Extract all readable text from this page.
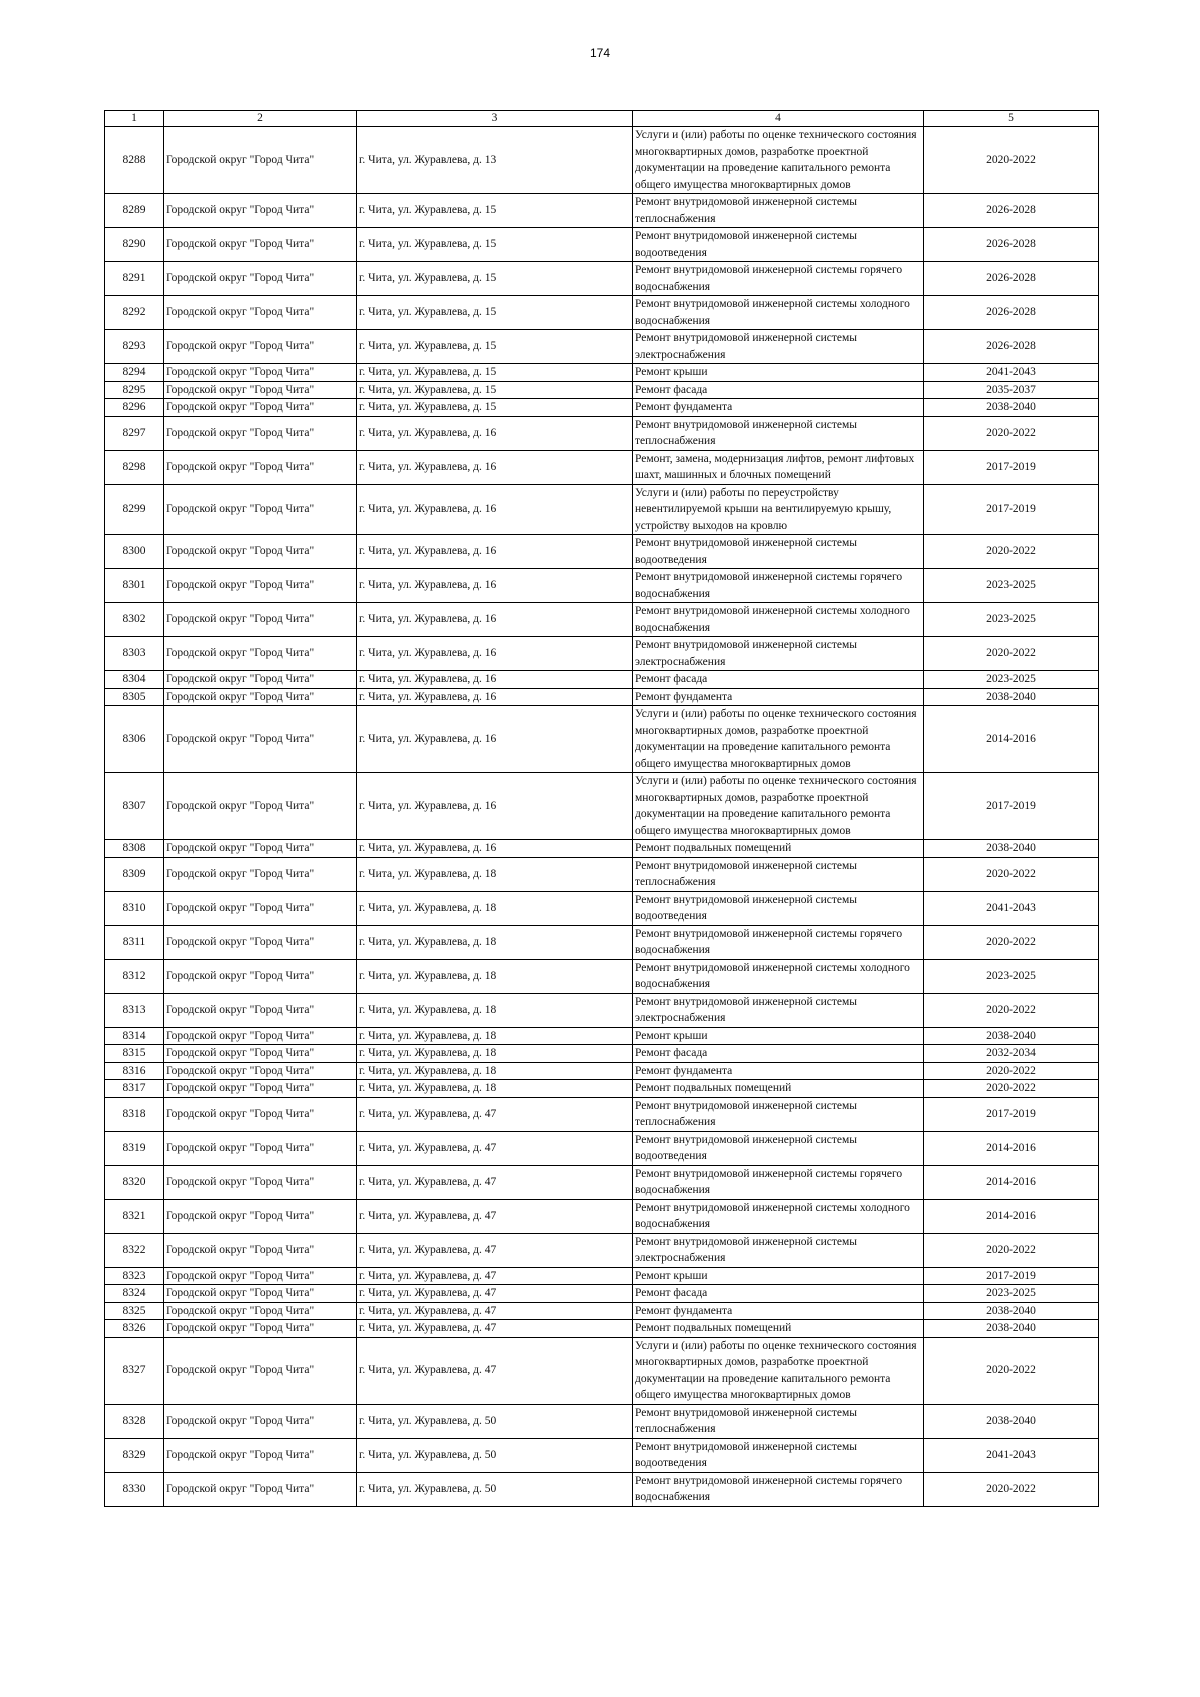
174
1	2	3	4	5
8288	Городской округ "Город Чита"	г. Чита, ул. Журавлева, д. 13	Услуги и (или) работы по оценке технического состояния многоквартирных домов, разработке проектной документации на проведение капитального ремонта общего имущества многоквартирных домов	2020-2022
8289	Городской округ "Город Чита"	г. Чита, ул. Журавлева, д. 15	Ремонт внутридомовой инженерной системы теплоснабжения	2026-2028
8290	Городской округ "Город Чита"	г. Чита, ул. Журавлева, д. 15	Ремонт внутридомовой инженерной системы водоотведения	2026-2028
8291	Городской округ "Город Чита"	г. Чита, ул. Журавлева, д. 15	Ремонт внутридомовой инженерной системы горячего водоснабжения	2026-2028
8292	Городской округ "Город Чита"	г. Чита, ул. Журавлева, д. 15	Ремонт внутридомовой инженерной системы холодного водоснабжения	2026-2028
8293	Городской округ "Город Чита"	г. Чита, ул. Журавлева, д. 15	Ремонт внутридомовой инженерной системы электроснабжения	2026-2028
8294	Городской округ "Город Чита"	г. Чита, ул. Журавлева, д. 15	Ремонт крыши	2041-2043
8295	Городской округ "Город Чита"	г. Чита, ул. Журавлева, д. 15	Ремонт фасада	2035-2037
8296	Городской округ "Город Чита"	г. Чита, ул. Журавлева, д. 15	Ремонт фундамента	2038-2040
8297	Городской округ "Город Чита"	г. Чита, ул. Журавлева, д. 16	Ремонт внутридомовой инженерной системы теплоснабжения	2020-2022
8298	Городской округ "Город Чита"	г. Чита, ул. Журавлева, д. 16	Ремонт, замена, модернизация лифтов, ремонт лифтовых шахт, машинных и блочных помещений	2017-2019
8299	Городской округ "Город Чита"	г. Чита, ул. Журавлева, д. 16	Услуги и (или) работы по переустройству невентилируемой крыши на вентилируемую крышу, устройству выходов на кровлю	2017-2019
8300	Городской округ "Город Чита"	г. Чита, ул. Журавлева, д. 16	Ремонт внутридомовой инженерной системы водоотведения	2020-2022
8301	Городской округ "Город Чита"	г. Чита, ул. Журавлева, д. 16	Ремонт внутридомовой инженерной системы горячего водоснабжения	2023-2025
8302	Городской округ "Город Чита"	г. Чита, ул. Журавлева, д. 16	Ремонт внутридомовой инженерной системы холодного водоснабжения	2023-2025
8303	Городской округ "Город Чита"	г. Чита, ул. Журавлева, д. 16	Ремонт внутридомовой инженерной системы электроснабжения	2020-2022
8304	Городской округ "Город Чита"	г. Чита, ул. Журавлева, д. 16	Ремонт фасада	2023-2025
8305	Городской округ "Город Чита"	г. Чита, ул. Журавлева, д. 16	Ремонт фундамента	2038-2040
8306	Городской округ "Город Чита"	г. Чита, ул. Журавлева, д. 16	Услуги и (или) работы по оценке технического состояния многоквартирных домов, разработке проектной документации на проведение капитального ремонта общего имущества многоквартирных домов	2014-2016
8307	Городской округ "Город Чита"	г. Чита, ул. Журавлева, д. 16	Услуги и (или) работы по оценке технического состояния многоквартирных домов, разработке проектной документации на проведение капитального ремонта общего имущества многоквартирных домов	2017-2019
8308	Городской округ "Город Чита"	г. Чита, ул. Журавлева, д. 16	Ремонт подвальных помещений	2038-2040
8309	Городской округ "Город Чита"	г. Чита, ул. Журавлева, д. 18	Ремонт внутридомовой инженерной системы теплоснабжения	2020-2022
8310	Городской округ "Город Чита"	г. Чита, ул. Журавлева, д. 18	Ремонт внутридомовой инженерной системы водоотведения	2041-2043
8311	Городской округ "Город Чита"	г. Чита, ул. Журавлева, д. 18	Ремонт внутридомовой инженерной системы горячего водоснабжения	2020-2022
8312	Городской округ "Город Чита"	г. Чита, ул. Журавлева, д. 18	Ремонт внутридомовой инженерной системы холодного водоснабжения	2023-2025
8313	Городской округ "Город Чита"	г. Чита, ул. Журавлева, д. 18	Ремонт внутридомовой инженерной системы электроснабжения	2020-2022
8314	Городской округ "Город Чита"	г. Чита, ул. Журавлева, д. 18	Ремонт крыши	2038-2040
8315	Городской округ "Город Чита"	г. Чита, ул. Журавлева, д. 18	Ремонт фасада	2032-2034
8316	Городской округ "Город Чита"	г. Чита, ул. Журавлева, д. 18	Ремонт фундамента	2020-2022
8317	Городской округ "Город Чита"	г. Чита, ул. Журавлева, д. 18	Ремонт подвальных помещений	2020-2022
8318	Городской округ "Город Чита"	г. Чита, ул. Журавлева, д. 47	Ремонт внутридомовой инженерной системы теплоснабжения	2017-2019
8319	Городской округ "Город Чита"	г. Чита, ул. Журавлева, д. 47	Ремонт внутридомовой инженерной системы водоотведения	2014-2016
8320	Городской округ "Город Чита"	г. Чита, ул. Журавлева, д. 47	Ремонт внутридомовой инженерной системы горячего водоснабжения	2014-2016
8321	Городской округ "Город Чита"	г. Чита, ул. Журавлева, д. 47	Ремонт внутридомовой инженерной системы холодного водоснабжения	2014-2016
8322	Городской округ "Город Чита"	г. Чита, ул. Журавлева, д. 47	Ремонт внутридомовой инженерной системы электроснабжения	2020-2022
8323	Городской округ "Город Чита"	г. Чита, ул. Журавлева, д. 47	Ремонт крыши	2017-2019
8324	Городской округ "Город Чита"	г. Чита, ул. Журавлева, д. 47	Ремонт фасада	2023-2025
8325	Городской округ "Город Чита"	г. Чита, ул. Журавлева, д. 47	Ремонт фундамента	2038-2040
8326	Городской округ "Город Чита"	г. Чита, ул. Журавлева, д. 47	Ремонт подвальных помещений	2038-2040
8327	Городской округ "Город Чита"	г. Чита, ул. Журавлева, д. 47	Услуги и (или) работы по оценке технического состояния многоквартирных домов, разработке проектной документации на проведение капитального ремонта общего имущества многоквартирных домов	2020-2022
8328	Городской округ "Город Чита"	г. Чита, ул. Журавлева, д. 50	Ремонт внутридомовой инженерной системы теплоснабжения	2038-2040
8329	Городской округ "Город Чита"	г. Чита, ул. Журавлева, д. 50	Ремонт внутридомовой инженерной системы водоотведения	2041-2043
8330	Городской округ "Город Чита"	г. Чита, ул. Журавлева, д. 50	Ремонт внутридомовой инженерной системы горячего водоснабжения	2020-2022
